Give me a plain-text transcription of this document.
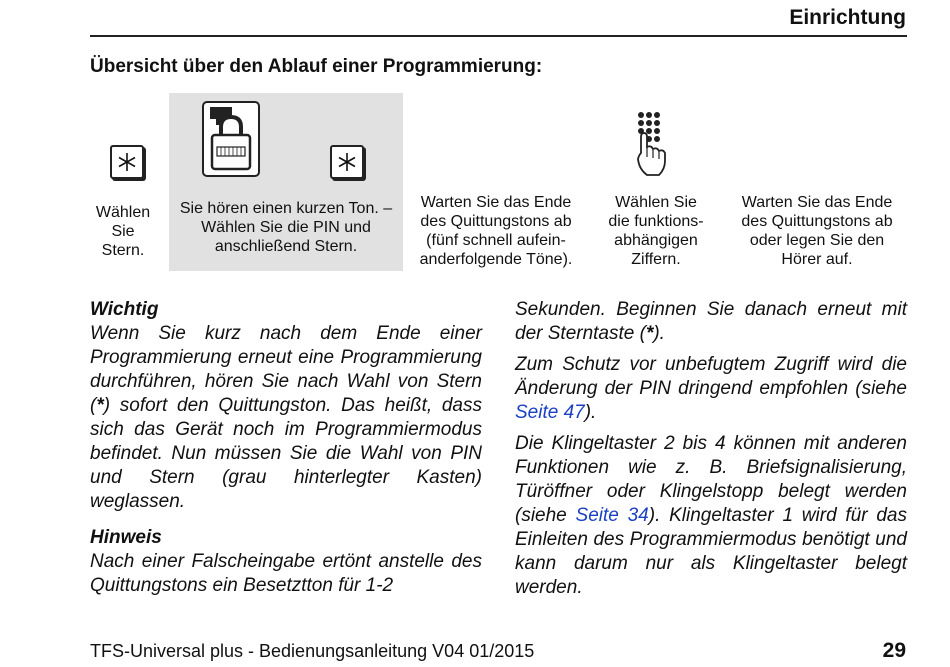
Einrichtung
Übersicht über den Ablauf einer Programmierung:
Wählen Sie Stern.
Sie hören einen kurzen Ton. – Wählen Sie die PIN und anschließend Stern.
Warten Sie das Ende
des Quittungstons ab
(fünf schnell aufein-
anderfolgende Töne).
Wählen Sie
die funktions-
abhängigen
Ziffern.
Warten Sie das Ende
des Quittungstons ab
oder legen Sie den
Hörer auf.
Wichtig

Wenn Sie kurz nach dem Ende einer Programmierung erneut eine Programmierung durchführen, hören Sie nach Wahl von Stern (*) sofort den Quittungston. Das heißt, dass sich das Gerät noch im Programmiermodus befindet. Nun müssen Sie die Wahl von PIN und Stern (grau hinterlegter Kasten) weglassen.

Hinweis

Nach einer Falscheingabe ertönt anstelle des Quittungstons ein Besetztton für 1-2

Sekunden. Beginnen Sie danach erneut mit der Sterntaste (*).

Zum Schutz vor unbefugtem Zugriff wird die Änderung der PIN dringend empfohlen (siehe Seite 47).

Die Klingeltaster 2 bis 4 können mit anderen Funktionen wie z. B. Briefsignalisierung, Türöffner oder Klingelstopp belegt werden (siehe Seite 34). Klingeltaster 1 wird für das Einleiten des Programmiermodus benötigt und kann darum nur als Klingeltaster belegt werden.

TFS-Universal plus - Bedienungsanleitung V04 01/2015	29
